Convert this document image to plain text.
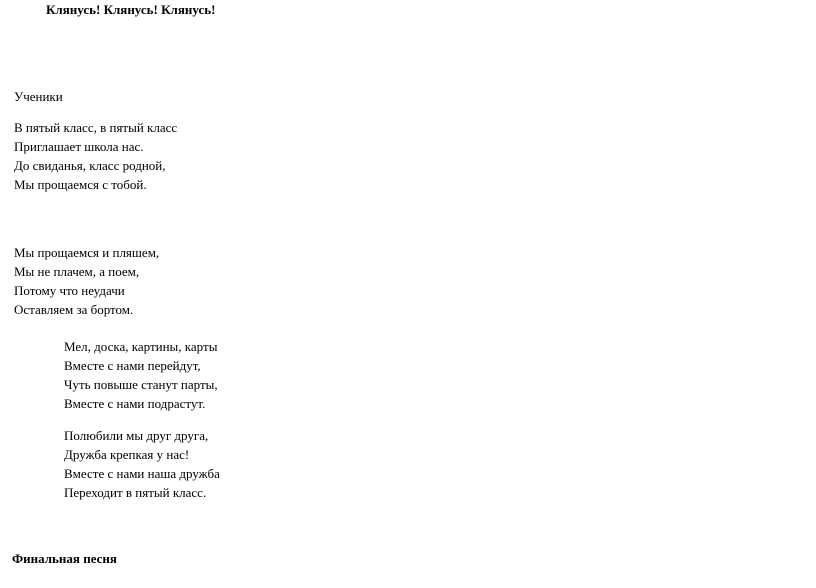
Клянусь! Клянусь! Клянусь!
Ученики
В пятый класс, в пятый класс
Приглашает школа нас.
До свиданья, класс родной,
Мы прощаемся с тобой.
Мы прощаемся и пляшем,
Мы не плачем, а поем,
Потому что неудачи
Оставляем за бортом.
Мел, доска, картины, карты
Вместе с нами перейдут,
Чуть повыше станут парты,
Вместе с нами подрастут.
Полюбили мы друг друга,
Дружба крепкая у нас!
Вместе с нами наша дружба
Переходит в пятый класс.
Финальная песня
